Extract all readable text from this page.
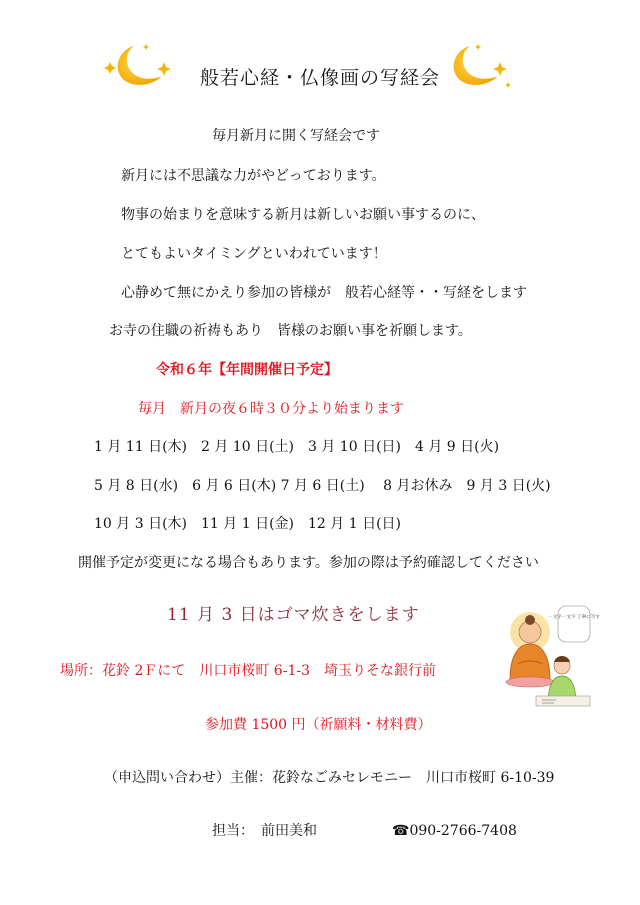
般若心経・仏像画の写経会
毎月新月に開く写経会です
新月には不思議な力がやどっております。
物事の始まりを意味する新月は新しいお願い事するのに、
とてもよいタイミングといわれています！
心静めて無にかえり参加の皆様が　般若心経等・・写経をします
お寺の住職の祈祷もあり　皆様のお願い事を祈願します。
令和６年【年間開催日予定】
毎月　新月の夜６時３０分より始まります
1 月 11 日(木)　2 月 10 日(土)　3 月 10 日(日)　4 月 9 日(火)
5 月 8 日(水)　6 月 6 日(木) 7 月 6 日(土)　 8 月お休み　9 月 3 日(火)
10 月 3 日(木)　11 月 1 日(金)　12 月 1 日(日)
開催予定が変更になる場合もあります。参加の際は予約確認してください
11 月 3 日はゴマ炊きをします
場所：花鈴 2Ｆにて　川口市桜町 6-1-3　埼玉りそな銀行前
参加費 1500 円（祈願料・材料費）
（申込問い合わせ）主催：花鈴なごみセレモニー　川口市桜町 6-10-39
担当：　前田美和	☎090-2766-7408
一文字一文字 丁寧に写す
